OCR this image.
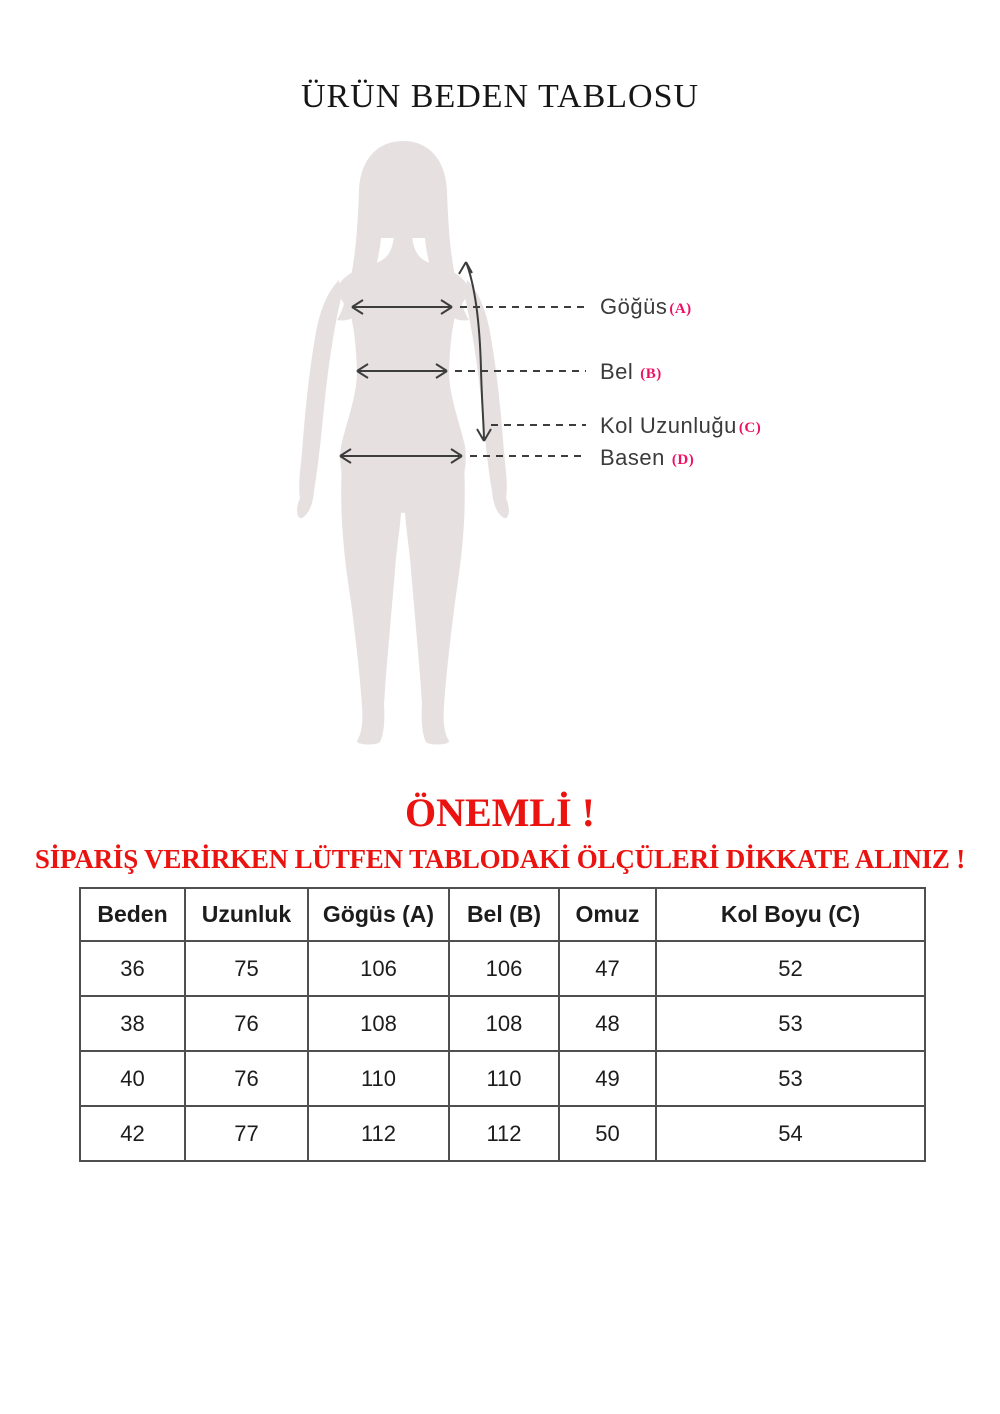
ÜRÜN BEDEN TABLOSU
Göğüs (A)
Bel (B)
Kol Uzunluğu (C)
Basen (D)
ÖNEMLİ !
SİPARİŞ VERİRKEN LÜTFEN TABLODAKİ ÖLÇÜLERİ DİKKATE ALINIZ !
Beden	Uzunluk	Gögüs (A)	Bel (B)	Omuz	Kol Boyu (C)
36	75	106	106	47	52
38	76	108	108	48	53
40	76	110	110	49	53
42	77	112	112	50	54
